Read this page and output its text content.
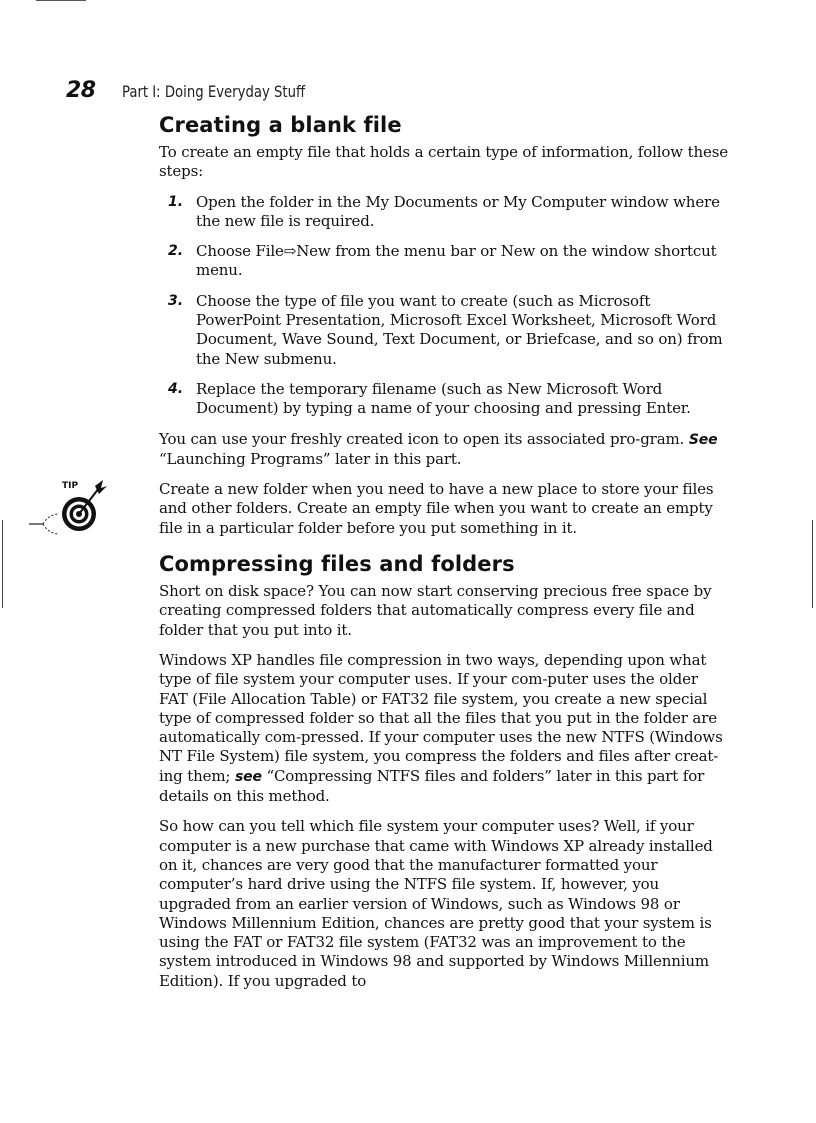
28 Part I: Doing Everyday Stuff
Creating a blank file

To create an empty file that holds a certain type of information, follow these steps:

1. Open the folder in the My Documents or My Computer window where the new file is required.
2. Choose File⇨New from the menu bar or New on the window shortcut menu.
3. Choose the type of file you want to create (such as Microsoft PowerPoint Presentation, Microsoft Excel Worksheet, Microsoft Word Document, Wave Sound, Text Document, or Briefcase, and so on) from the New submenu.
4. Replace the temporary filename (such as New Microsoft Word Document) by typing a name of your choosing and pressing Enter.

You can use your freshly created icon to open its associated pro-gram. See “Launching Programs” later in this part.

TIP	Create a new folder when you need to have a new place to store your files and other folders. Create an empty file when you want to create an empty file in a particular folder before you put something in it.

Compressing files and folders

Short on disk space? You can now start conserving precious free space by creating compressed folders that automatically compress every file and folder that you put into it.

Windows XP handles file compression in two ways, depending upon what type of file system your computer uses. If your com-puter uses the older FAT (File Allocation Table) or FAT32 file system, you create a new special type of compressed folder so that all the files that you put in the folder are automatically com-pressed. If your computer uses the new NTFS (Windows NT File System) file system, you compress the folders and files after creat-ing them; see “Compressing NTFS files and folders” later in this part for details on this method.

So how can you tell which file system your computer uses? Well, if your computer is a new purchase that came with Windows XP already installed on it, chances are very good that the manufacturer formatted your computer’s hard drive using the NTFS file system. If, however, you upgraded from an earlier version of Windows, such as Windows 98 or Windows Millennium Edition, chances are pretty good that your system is using the FAT or FAT32 file system (FAT32 was an improvement to the system introduced in Windows 98 and supported by Windows Millennium Edition). If you upgraded to
